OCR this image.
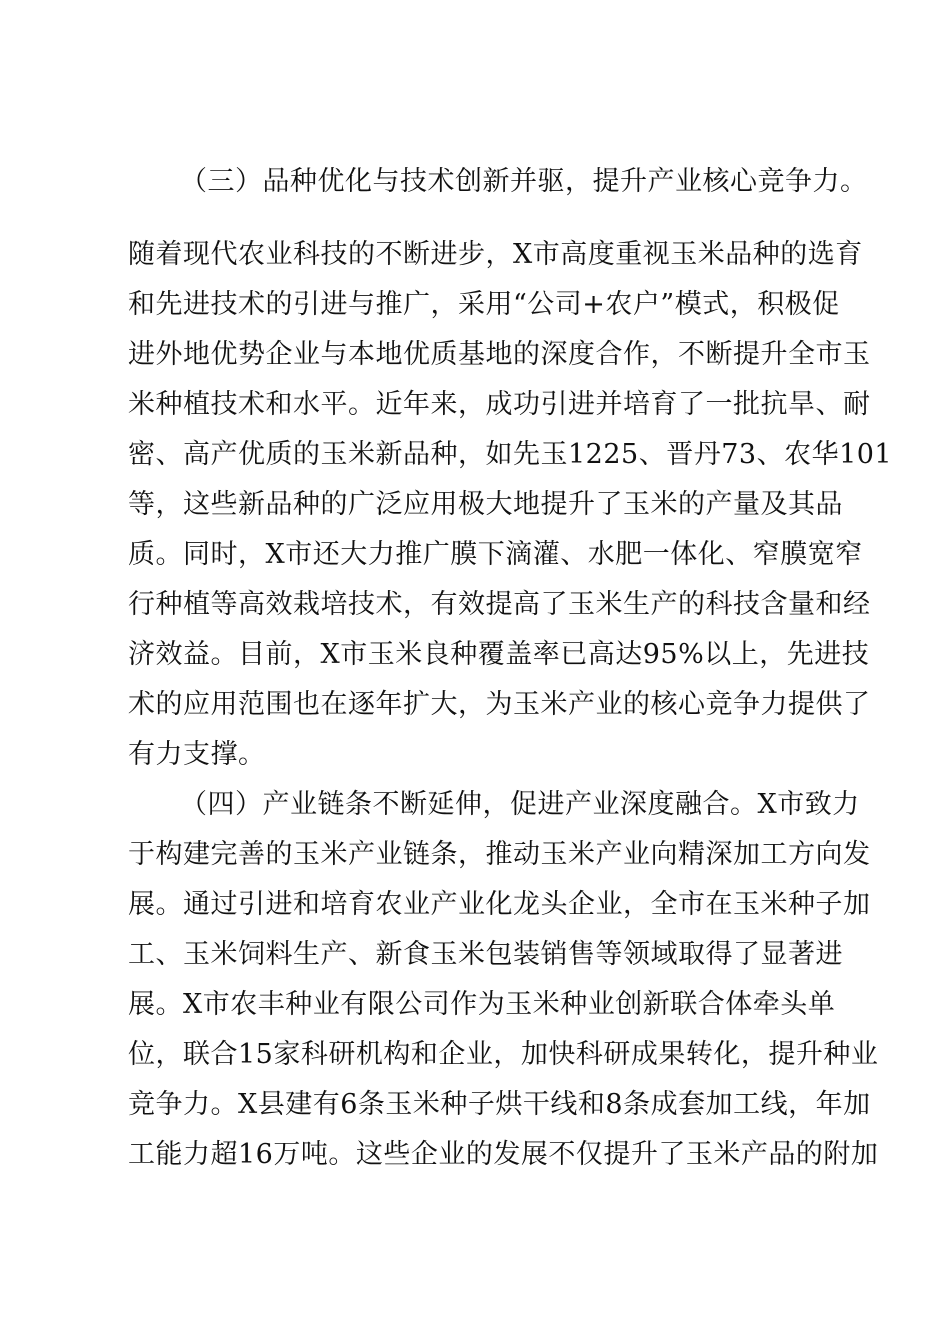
（三）品种优化与技术创新并驱，提升产业核心竞争力。
随着现代农业科技的不断进步，X市高度重视玉米品种的选育
和先进技术的引进与推广，采用“公司+农户”模式，积极促
进外地优势企业与本地优质基地的深度合作，不断提升全市玉
米种植技术和水平。近年来，成功引进并培育了一批抗旱、耐
密、高产优质的玉米新品种，如先玉1225、晋丹73、农华101
等，这些新品种的广泛应用极大地提升了玉米的产量及其品
质。同时，X市还大力推广膜下滴灌、水肥一体化、窄膜宽窄
行种植等高效栽培技术，有效提高了玉米生产的科技含量和经
济效益。目前，X市玉米良种覆盖率已高达95%以上，先进技
术的应用范围也在逐年扩大，为玉米产业的核心竞争力提供了
有力支撑。
（四）产业链条不断延伸，促进产业深度融合。X市致力
于构建完善的玉米产业链条，推动玉米产业向精深加工方向发
展。通过引进和培育农业产业化龙头企业，全市在玉米种子加
工、玉米饲料生产、新食玉米包装销售等领域取得了显著进
展。X市农丰种业有限公司作为玉米种业创新联合体牵头单
位，联合15家科研机构和企业，加快科研成果转化，提升种业
竞争力。X县建有6条玉米种子烘干线和8条成套加工线，年加
工能力超16万吨。这些企业的发展不仅提升了玉米产品的附加
